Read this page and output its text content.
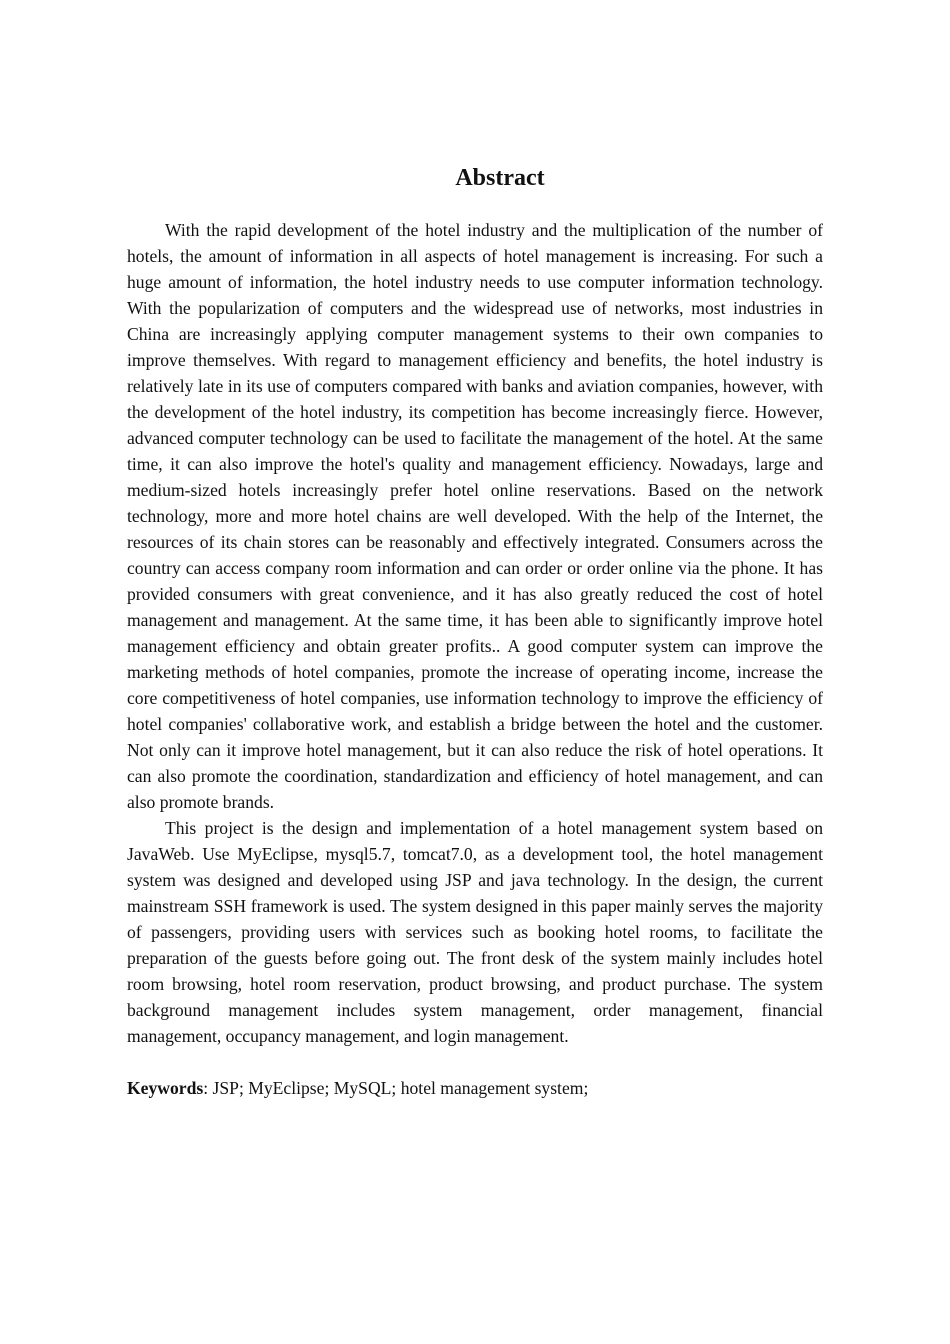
Abstract

With the rapid development of the hotel industry and the multiplication of the number of hotels, the amount of information in all aspects of hotel management is increasing. For such a huge amount of information, the hotel industry needs to use computer information technology. With the popularization of computers and the widespread use of networks, most industries in China are increasingly applying computer management systems to their own companies to improve themselves. With regard to management efficiency and benefits, the hotel industry is relatively late in its use of computers compared with banks and aviation companies, however, with the development of the hotel industry, its competition has become increasingly fierce. However, advanced computer technology can be used to facilitate the management of the hotel. At the same time, it can also improve the hotel's quality and management efficiency. Nowadays, large and medium-sized hotels increasingly prefer hotel online reservations. Based on the network technology, more and more hotel chains are well developed. With the help of the Internet, the resources of its chain stores can be reasonably and effectively integrated. Consumers across the country can access company room information and can order or order online via the phone. It has provided consumers with great convenience, and it has also greatly reduced the cost of hotel management and management. At the same time, it has been able to significantly improve hotel management efficiency and obtain greater profits.. A good computer system can improve the marketing methods of hotel companies, promote the increase of operating income, increase the core competitiveness of hotel companies, use information technology to improve the efficiency of hotel companies' collaborative work, and establish a bridge between the hotel and the customer. Not only can it improve hotel management, but it can also reduce the risk of hotel operations. It can also promote the coordination, standardization and efficiency of hotel management, and can also promote brands.

This project is the design and implementation of a hotel management system based on JavaWeb. Use MyEclipse, mysql5.7, tomcat7.0, as a development tool, the hotel management system was designed and developed using JSP and java technology. In the design, the current mainstream SSH framework is used. The system designed in this paper mainly serves the majority of passengers, providing users with services such as booking hotel rooms, to facilitate the preparation of the guests before going out. The front desk of the system mainly includes hotel room browsing, hotel room reservation, product browsing, and product purchase. The system background management includes system management, order management, financial management, occupancy management, and login management.

Keywords: JSP; MyEclipse; MySQL; hotel management system;
